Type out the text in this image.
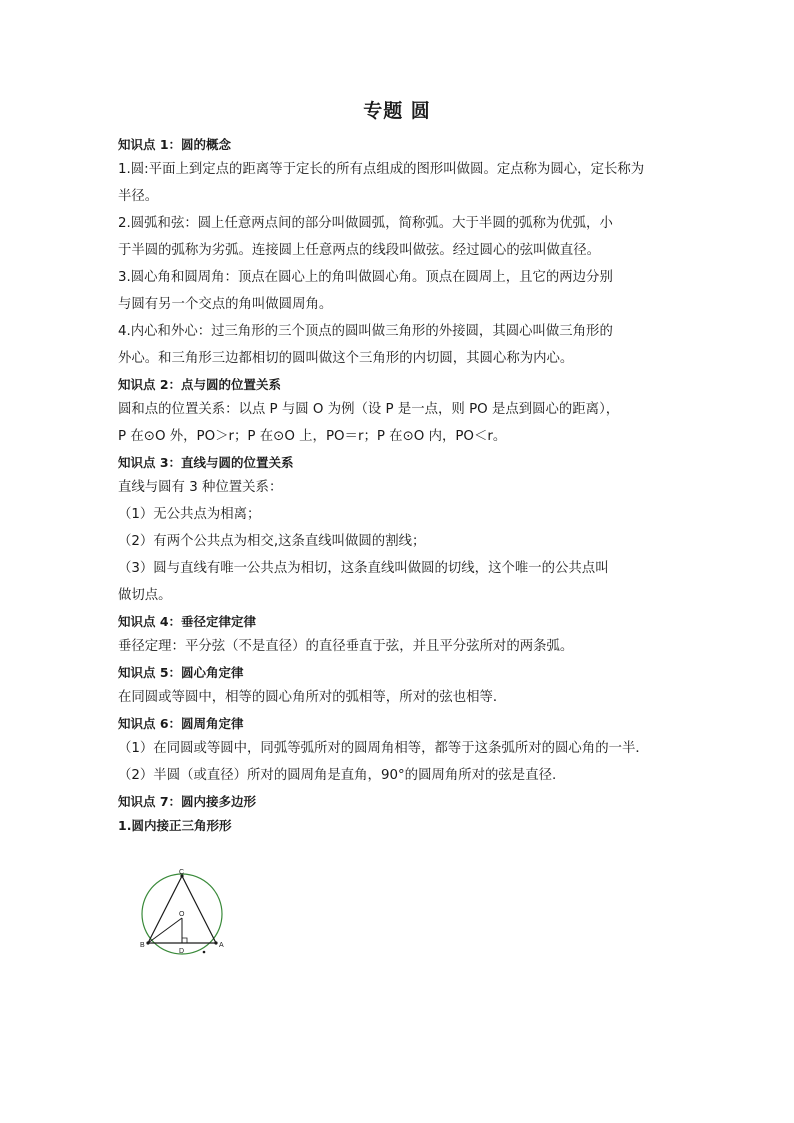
专题 圆
知识点 1：圆的概念
1.圆:平面上到定点的距离等于定长的所有点组成的图形叫做圆。定点称为圆心，定长称为
半径。
2.圆弧和弦：圆上任意两点间的部分叫做圆弧，简称弧。大于半圆的弧称为优弧，小
于半圆的弧称为劣弧。连接圆上任意两点的线段叫做弦。经过圆心的弦叫做直径。
3.圆心角和圆周角：顶点在圆心上的角叫做圆心角。顶点在圆周上，且它的两边分别
与圆有另一个交点的角叫做圆周角。
4.内心和外心：过三角形的三个顶点的圆叫做三角形的外接圆，其圆心叫做三角形的
外心。和三角形三边都相切的圆叫做这个三角形的内切圆，其圆心称为内心。
知识点 2：点与圆的位置关系
圆和点的位置关系：以点 P 与圆 O 为例（设 P 是一点，则 PO 是点到圆心的距离），
P 在⊙O 外，PO＞r；P 在⊙O 上，PO＝r；P 在⊙O 内，PO＜r。
知识点 3：直线与圆的位置关系
直线与圆有 3 种位置关系：
（1）无公共点为相离；
（2）有两个公共点为相交,这条直线叫做圆的割线；
（3）圆与直线有唯一公共点为相切，这条直线叫做圆的切线，这个唯一的公共点叫
做切点。
知识点 4：垂径定律定律
垂径定理：平分弦（不是直径）的直径垂直于弦，并且平分弦所对的两条弧。
知识点 5：圆心角定律
在同圆或等圆中，相等的圆心角所对的弧相等，所对的弦也相等．
知识点 6：圆周角定律
（1）在同圆或等圆中，同弧等弧所对的圆周角相等，都等于这条弧所对的圆心角的一半．
（2）半圆（或直径）所对的圆周角是直角，90°的圆周角所对的弦是直径.
知识点 7：圆内接多边形
1.圆内接正三角形形
C
O
B
D
A
